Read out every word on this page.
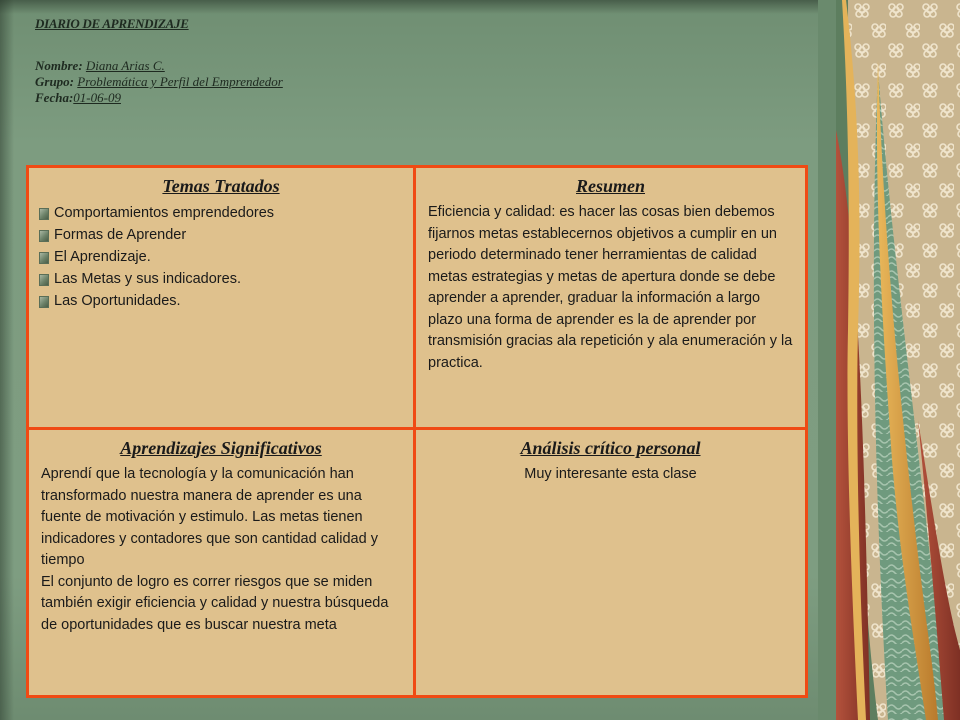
DIARIO DE APRENDIZAJE
Nombre: Diana Arias C.
Grupo: Problemática y Perfil del Emprendedor
Fecha:01-06-09

Temas Tratados

Comportamientos emprendedores
Formas de Aprender
El Aprendizaje.
Las Metas y sus indicadores.
Las Oportunidades.

Resumen

Eficiencia y calidad: es hacer las cosas bien debemos fijarnos metas establecernos objetivos a cumplir en un periodo determinado tener herramientas de calidad metas estrategias y metas de apertura donde se debe aprender a aprender, graduar la información a largo plazo una forma de aprender es la de aprender por transmisión gracias ala repetición y ala enumeración y la practica.

Aprendizajes Significativos

Aprendí que la tecnología y la comunicación han transformado nuestra manera de aprender es una fuente de motivación y estimulo. Las metas tienen indicadores y contadores que son cantidad calidad y tiempo

El conjunto de logro es correr riesgos que se miden también exigir eficiencia y calidad y nuestra búsqueda de oportunidades que es buscar nuestra meta

Análisis crítico personal

Muy interesante esta clase
